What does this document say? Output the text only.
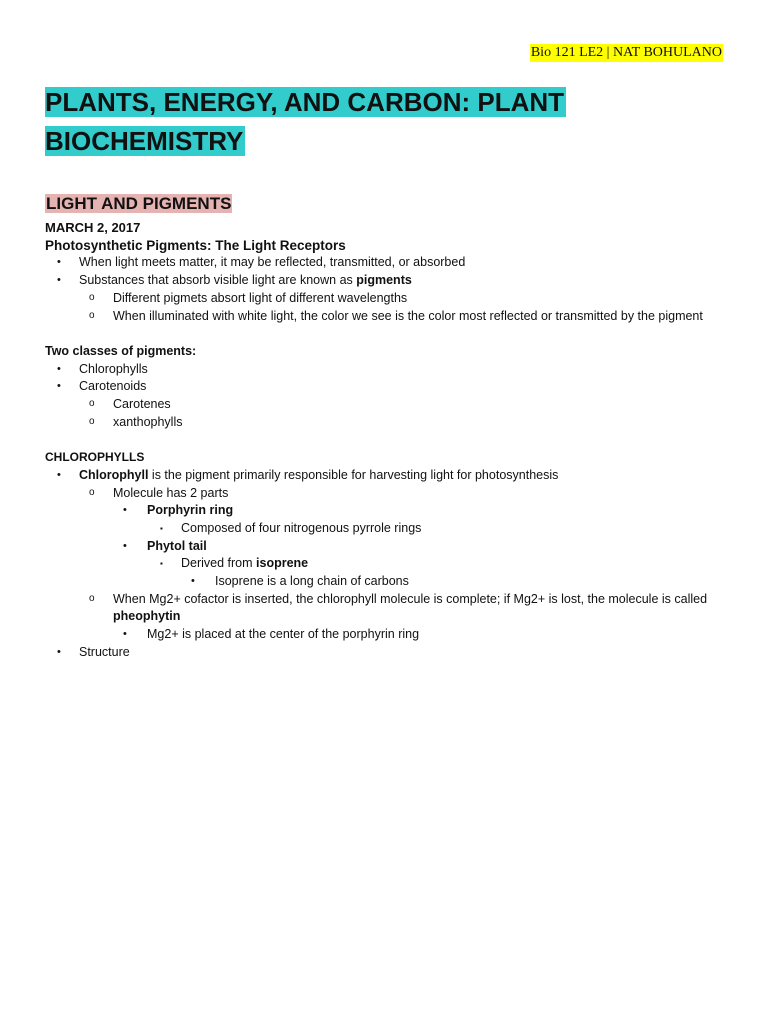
Bio 121 LE2 | NAT BOHULANO
PLANTS, ENERGY, AND CARBON: PLANT BIOCHEMISTRY
LIGHT AND PIGMENTS
MARCH 2, 2017
Photosynthetic Pigments: The Light Receptors
• When light meets matter, it may be reflected, transmitted, or absorbed
• Substances that absorb visible light are known as pigments
o Different pigmets absort light of different wavelengths
o When illuminated with white light, the color we see is the color most reflected or transmitted by the pigment
Two classes of pigments:
• Chlorophylls
• Carotenoids
o Carotenes
o xanthophylls
CHLOROPHYLLS
• Chlorophyll is the pigment primarily responsible for harvesting light for photosynthesis
o Molecule has 2 parts
• Porphyrin ring
▪ Composed of four nitrogenous pyrrole rings
• Phytol tail
▪ Derived from isoprene
• Isoprene is a long chain of carbons
o When Mg2+ cofactor is inserted, the chlorophyll molecule is complete; if Mg2+ is lost, the molecule is called pheophytin
• Mg2+ is placed at the center of the porphyrin ring
• Structure
